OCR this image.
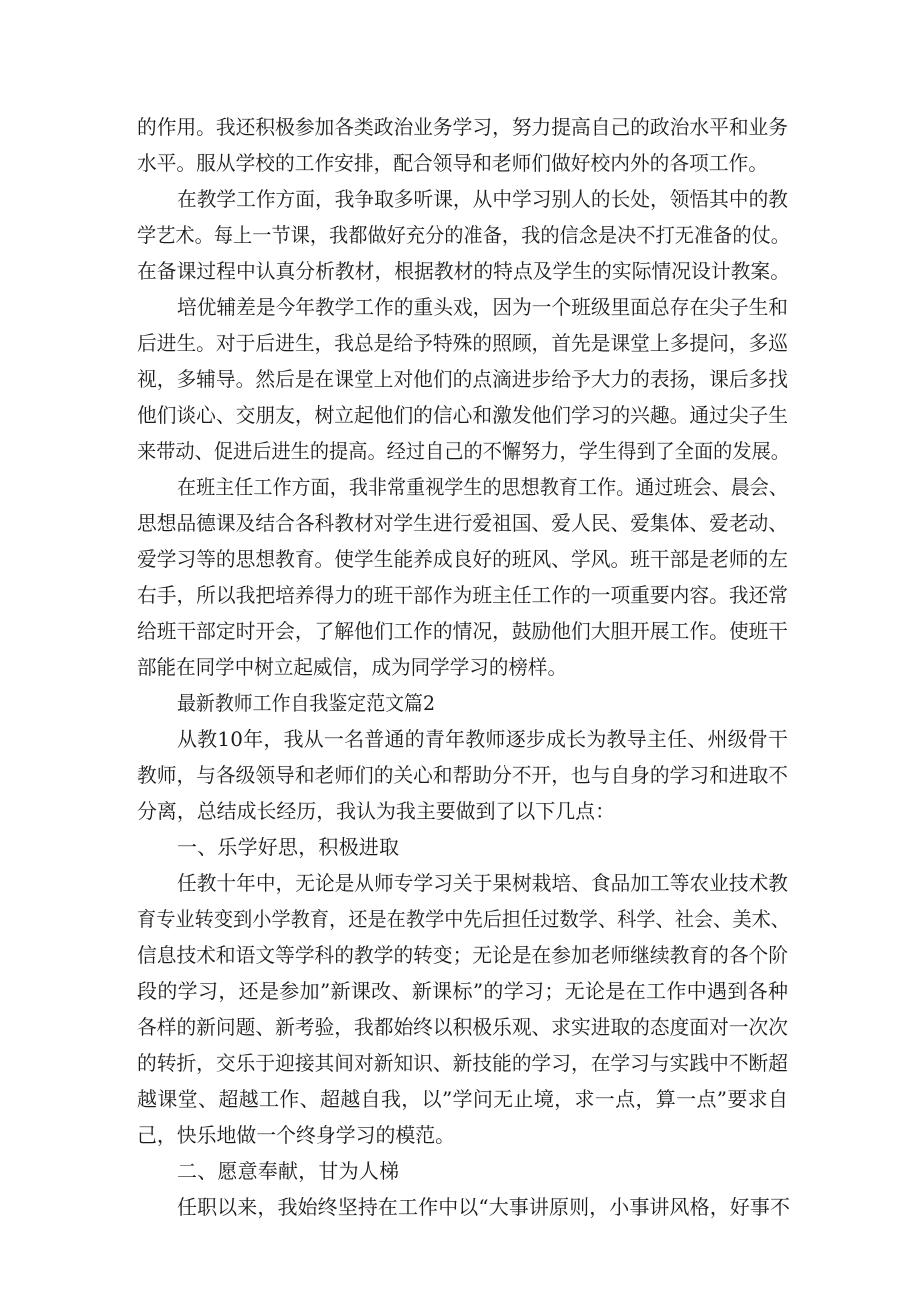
的作用。我还积极参加各类政治业务学习，努力提高自己的政治水平和业务
水平。服从学校的工作安排，配合领导和老师们做好校内外的各项工作。
在教学工作方面，我争取多听课，从中学习别人的长处，领悟其中的教
学艺术。每上一节课，我都做好充分的准备，我的信念是决不打无准备的仗。
在备课过程中认真分析教材，根据教材的特点及学生的实际情况设计教案。
培优辅差是今年教学工作的重头戏，因为一个班级里面总存在尖子生和
后进生。对于后进生，我总是给予特殊的照顾，首先是课堂上多提问，多巡
视，多辅导。然后是在课堂上对他们的点滴进步给予大力的表扬，课后多找
他们谈心、交朋友，树立起他们的信心和激发他们学习的兴趣。通过尖子生
来带动、促进后进生的提高。经过自己的不懈努力，学生得到了全面的发展。
在班主任工作方面，我非常重视学生的思想教育工作。通过班会、晨会、
思想品德课及结合各科教材对学生进行爱祖国、爱人民、爱集体、爱老动、
爱学习等的思想教育。使学生能养成良好的班风、学风。班干部是老师的左
右手，所以我把培养得力的班干部作为班主任工作的一项重要内容。我还常
给班干部定时开会，了解他们工作的情况，鼓励他们大胆开展工作。使班干
部能在同学中树立起威信，成为同学学习的榜样。
最新教师工作自我鉴定范文篇2
从教10年，我从一名普通的青年教师逐步成长为教导主任、州级骨干
教师，与各级领导和老师们的关心和帮助分不开，也与自身的学习和进取不
分离，总结成长经历，我认为我主要做到了以下几点：
一、乐学好思，积极进取
任教十年中，无论是从师专学习关于果树栽培、食品加工等农业技术教
育专业转变到小学教育，还是在教学中先后担任过数学、科学、社会、美术、
信息技术和语文等学科的教学的转变；无论是在参加老师继续教育的各个阶
段的学习，还是参加”新课改、新课标”的学习；无论是在工作中遇到各种
各样的新问题、新考验，我都始终以积极乐观、求实进取的态度面对一次次
的转折，交乐于迎接其间对新知识、新技能的学习，在学习与实践中不断超
越课堂、超越工作、超越自我，以”学问无止境，求一点，算一点”要求自
己，快乐地做一个终身学习的模范。
二、愿意奉献，甘为人梯
任职以来，我始终坚持在工作中以“大事讲原则，小事讲风格，好事不
